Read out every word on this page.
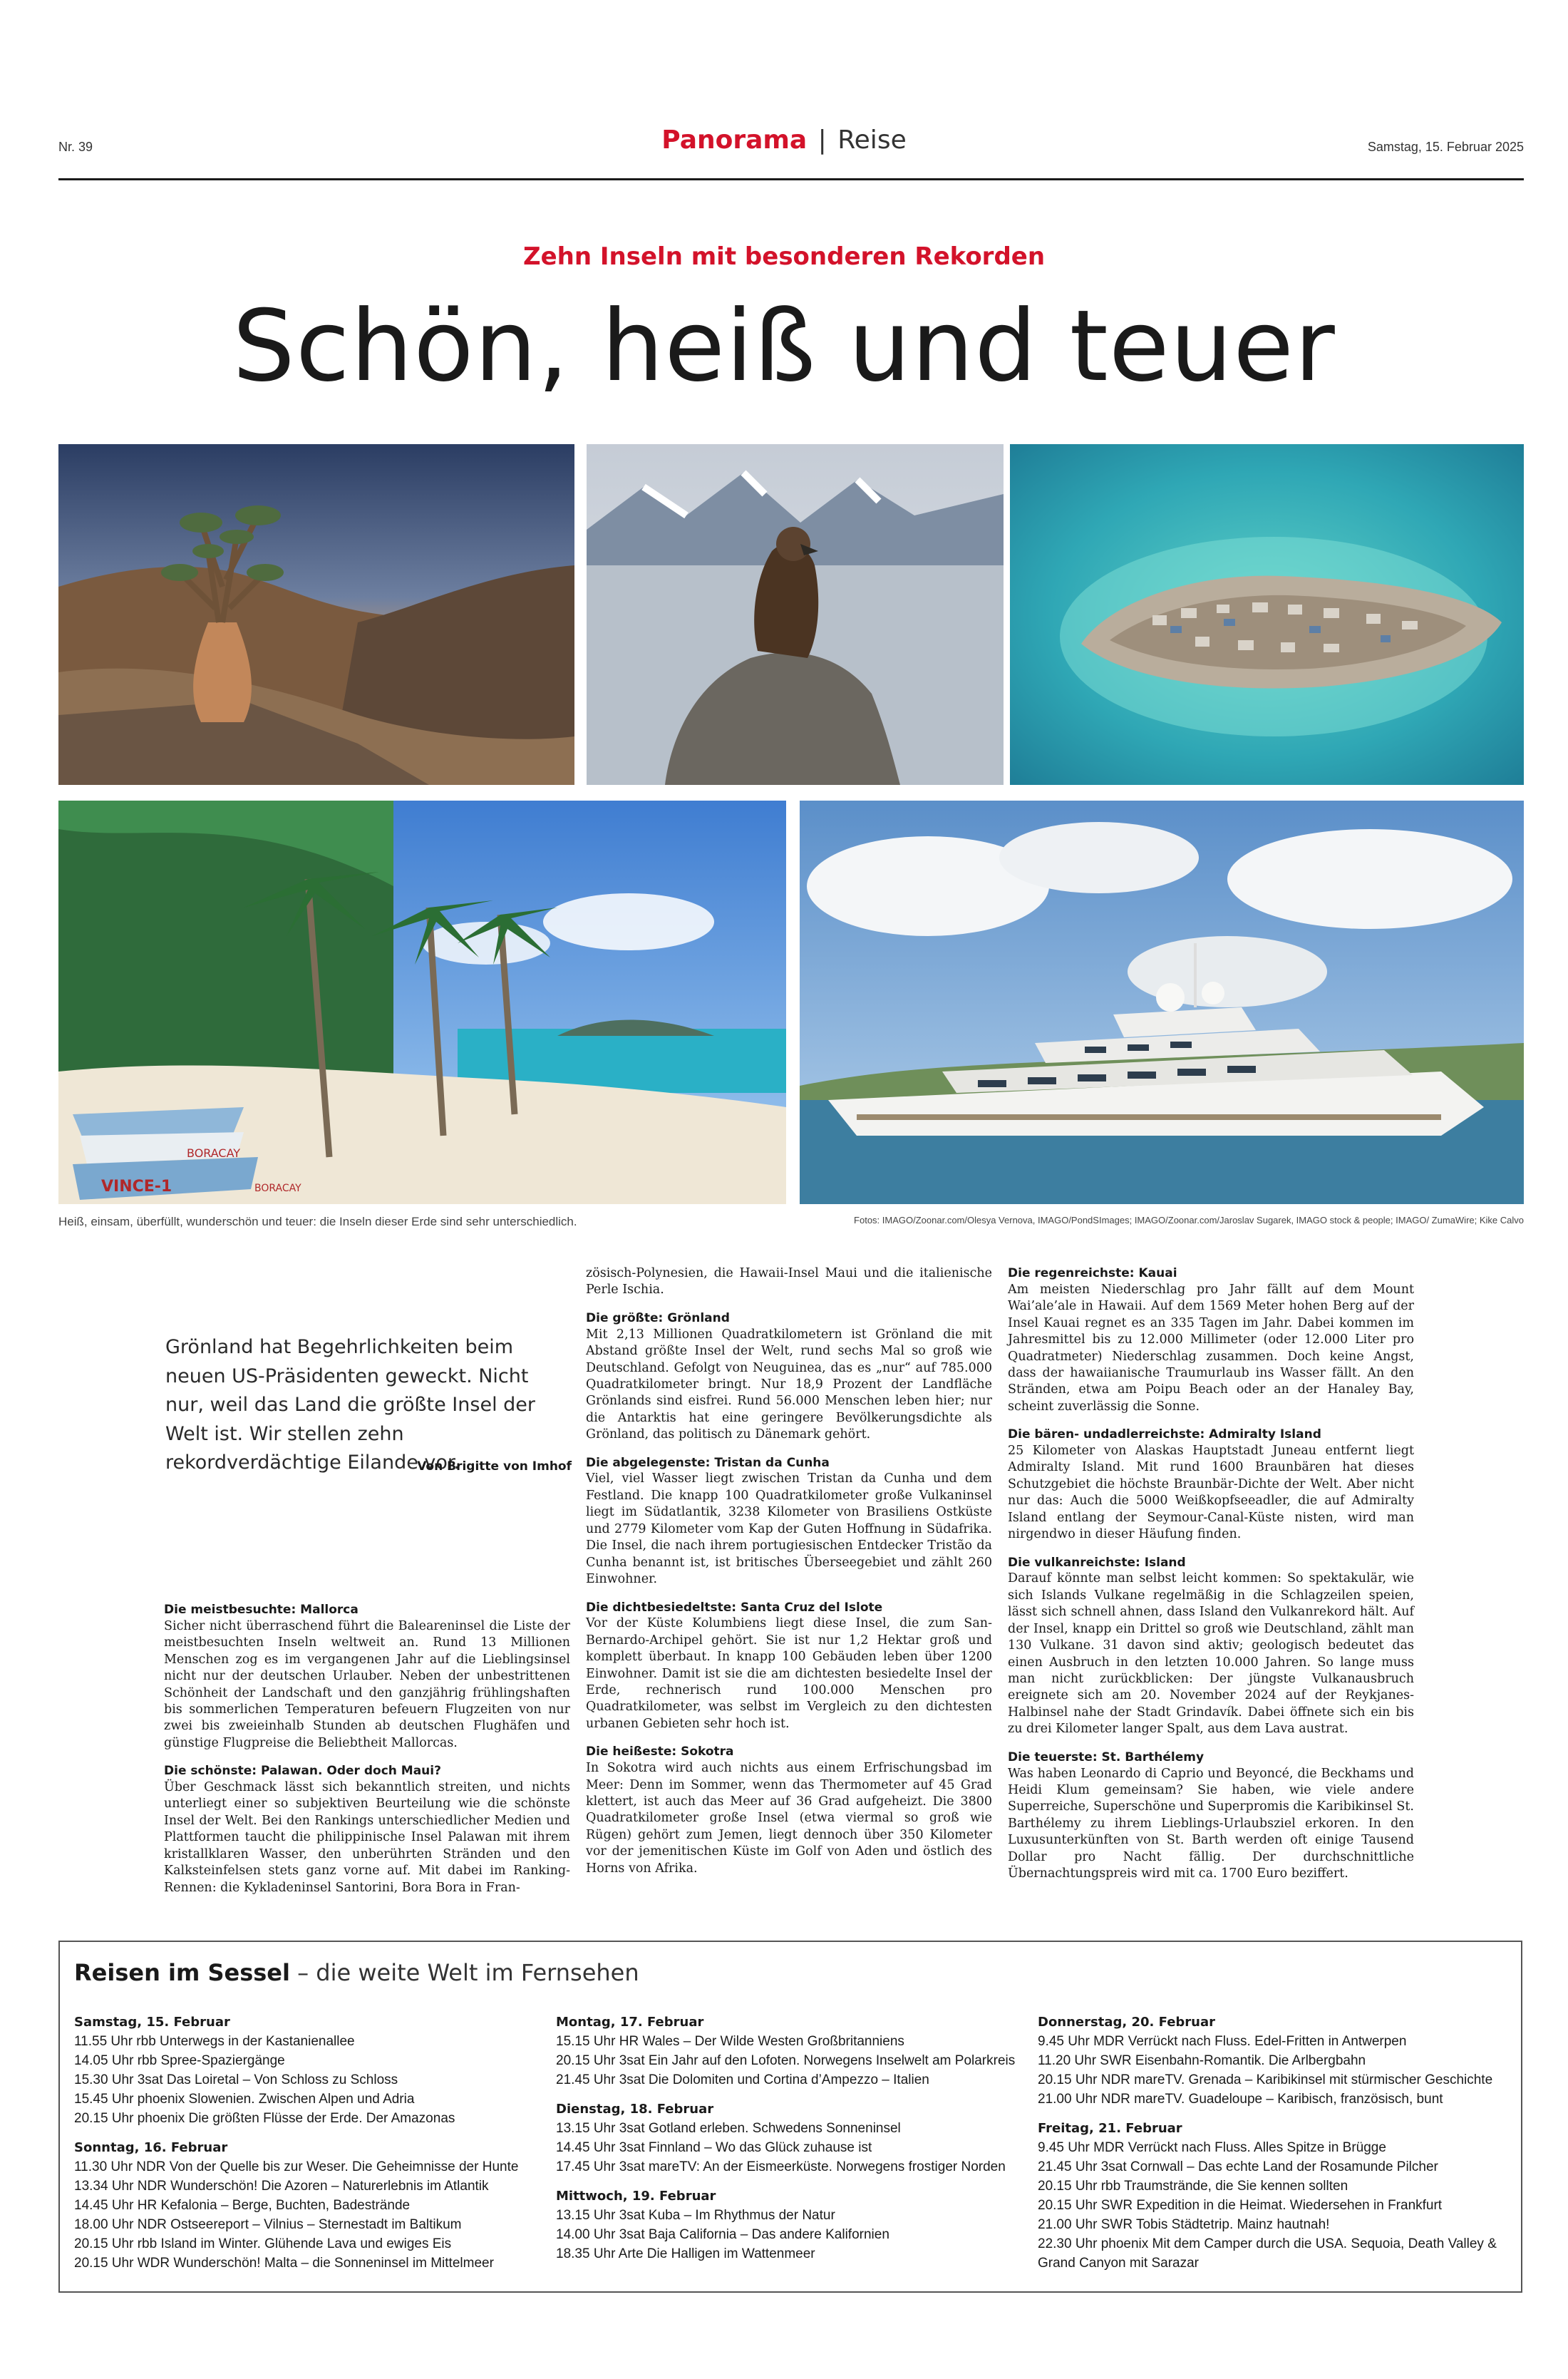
Nr. 39	Panorama | Reise	Samstag, 15. Februar 2025
Zehn Inseln mit besonderen Rekorden
Schön, heiß und teuer
VINCE-1
BORACAY
BORACAY
Heiß, einsam, überfüllt, wunderschön und teuer: die Inseln dieser Erde sind sehr unterschiedlich.	Fotos: IMAGO/Zoonar.com/Olesya Vernova, IMAGO/PondSImages; IMAGO/Zoonar.com/Jaroslav Sugarek, IMAGO stock & people; IMAGO/ ZumaWire; Kike Calvo
Grönland hat Begehrlichkeiten beim neuen US-Präsidenten geweckt. Nicht nur, weil das Land die größte Insel der Welt ist. Wir stellen zehn rekordverdächtige Eilande vor.
Von Brigitte von Imhof
Die meistbesuchte: Mallorca

Sicher nicht überraschend führt die Baleareninsel die Liste der meistbesuchten Inseln weltweit an. Rund 13 Millionen Menschen zog es im vergangenen Jahr auf die Lieblingsinsel nicht nur der deutschen Urlauber. Neben der unbestrittenen Schönheit der Landschaft und den ganzjährig frühlingshaften bis sommerlichen Temperaturen befeuern Flugzeiten von nur zwei bis zweieinhalb Stunden ab deutschen Flughäfen und günstige Flugpreise die Beliebtheit Mallorcas.

Die schönste: Palawan. Oder doch Maui?

Über Geschmack lässt sich bekanntlich streiten, und nichts unterliegt einer so subjektiven Beurteilung wie die schönste Insel der Welt. Bei den Rankings unterschiedlicher Medien und Plattformen taucht die philippinische Insel Palawan mit ihrem kristallklaren Wasser, den unberührten Stränden und den Kalksteinfelsen stets ganz vorne auf. Mit dabei im Ranking-Rennen: die Kykladeninsel Santorini, Bora Bora in Fran-

zösisch-Polynesien, die Hawaii-Insel Maui und die italienische Perle Ischia.

Die größte: Grönland

Mit 2,13 Millionen Quadratkilometern ist Grönland die mit Abstand größte Insel der Welt, rund sechs Mal so groß wie Deutschland. Gefolgt von Neuguinea, das es „nur“ auf 785.000 Quadratkilometer bringt. Nur 18,9 Prozent der Landfläche Grönlands sind eisfrei. Rund 56.000 Menschen leben hier; nur die Antarktis hat eine geringere Bevölkerungsdichte als Grönland, das politisch zu Dänemark gehört.

Die abgelegenste: Tristan da Cunha

Viel, viel Wasser liegt zwischen Tristan da Cunha und dem Festland. Die knapp 100 Quadratkilometer große Vulkaninsel liegt im Südatlantik, 3238 Kilometer von Brasiliens Ostküste und 2779 Kilometer vom Kap der Guten Hoffnung in Südafrika. Die Insel, die nach ihrem portugiesischen Entdecker Tristão da Cunha benannt ist, ist britisches Überseegebiet und zählt 260 Einwohner.

Die dichtbesiedeltste: Santa Cruz del Islote

Vor der Küste Kolumbiens liegt diese Insel, die zum San-Bernardo-Archipel gehört. Sie ist nur 1,2 Hektar groß und komplett überbaut. In knapp 100 Gebäuden leben über 1200 Einwohner. Damit ist sie die am dichtesten besiedelte Insel der Erde, rechnerisch rund 100.000 Menschen pro Quadratkilometer, was selbst im Vergleich zu den dichtesten urbanen Gebieten sehr hoch ist.

Die heißeste: Sokotra

In Sokotra wird auch nichts aus einem Erfrischungsbad im Meer: Denn im Sommer, wenn das Thermometer auf 45 Grad klettert, ist auch das Meer auf 36 Grad aufgeheizt. Die 3800 Quadratkilometer große Insel (etwa viermal so groß wie Rügen) gehört zum Jemen, liegt dennoch über 350 Kilometer vor der jemenitischen Küste im Golf von Aden und östlich des Horns von Afrika.

Die regenreichste: Kauai

Am meisten Niederschlag pro Jahr fällt auf dem Mount Wai’ale’ale in Hawaii. Auf dem 1569 Meter hohen Berg auf der Insel Kauai regnet es an 335 Tagen im Jahr. Dabei kommen im Jahresmittel bis zu 12.000 Millimeter (oder 12.000 Liter pro Quadratmeter) Niederschlag zusammen. Doch keine Angst, dass der hawaiianische Traumurlaub ins Wasser fällt. An den Stränden, etwa am Poipu Beach oder an der Hanaley Bay, scheint zuverlässig die Sonne.

Die bären- undadlerreichste: Admiralty Island

25 Kilometer von Alaskas Hauptstadt Juneau entfernt liegt Admiralty Island. Mit rund 1600 Braunbären hat dieses Schutzgebiet die höchste Braunbär-Dichte der Welt. Aber nicht nur das: Auch die 5000 Weißkopfseeadler, die auf Admiralty Island entlang der Seymour-Canal-Küste nisten, wird man nirgendwo in dieser Häufung finden.

Die vulkanreichste: Island

Darauf könnte man selbst leicht kommen: So spektakulär, wie sich Islands Vulkane regelmäßig in die Schlagzeilen speien, lässt sich schnell ahnen, dass Island den Vulkanrekord hält. Auf der Insel, knapp ein Drittel so groß wie Deutschland, zählt man 130 Vulkane. 31 davon sind aktiv; geologisch bedeutet das einen Ausbruch in den letzten 10.000 Jahren. So lange muss man nicht zurückblicken: Der jüngste Vulkanausbruch ereignete sich am 20. November 2024 auf der Reykjanes-Halbinsel nahe der Stadt Grindavík. Dabei öffnete sich ein bis zu drei Kilometer langer Spalt, aus dem Lava austrat.

Die teuerste: St. Barthélemy

Was haben Leonardo di Caprio und Beyoncé, die Beckhams und Heidi Klum gemeinsam? Sie haben, wie viele andere Superreiche, Superschöne und Superpromis die Karibikinsel St. Barthélemy zu ihrem Lieblings-Urlaubsziel erkoren. In den Luxusunterkünften von St. Barth werden oft einige Tausend Dollar pro Nacht fällig. Der durchschnittliche Übernachtungspreis wird mit ca. 1700 Euro beziffert.

Reisen im Sessel – die weite Welt im Fernsehen
Samstag, 15. Februar
11.55 Uhr rbb Unterwegs in der Kastanienallee
14.05 Uhr rbb Spree-Spaziergänge
15.30 Uhr 3sat Das Loiretal – Von Schloss zu Schloss
15.45 Uhr phoenix Slowenien. Zwischen Alpen und Adria
20.15 Uhr phoenix Die größten Flüsse der Erde. Der Amazonas
Sonntag, 16. Februar
11.30 Uhr NDR Von der Quelle bis zur Weser. Die Geheimnisse der Hunte
13.34 Uhr NDR Wunderschön! Die Azoren – Naturerlebnis im Atlantik
14.45 Uhr HR Kefalonia – Berge, Buchten, Badestrände
18.00 Uhr NDR Ostseereport – Vilnius – Sternestadt im Baltikum
20.15 Uhr rbb Island im Winter. Glühende Lava und ewiges Eis
20.15 Uhr WDR Wunderschön! Malta – die Sonneninsel im Mittelmeer
Montag, 17. Februar
15.15 Uhr HR Wales – Der Wilde Westen Großbritanniens
20.15 Uhr 3sat Ein Jahr auf den Lofoten. Norwegens Inselwelt am Polarkreis
21.45 Uhr 3sat Die Dolomiten und Cortina d’Ampezzo – Italien
Dienstag, 18. Februar
13.15 Uhr 3sat Gotland erleben. Schwedens Sonneninsel
14.45 Uhr 3sat Finnland – Wo das Glück zuhause ist
17.45 Uhr 3sat mareTV: An der Eismeerküste. Norwegens frostiger Norden
Mittwoch, 19. Februar
13.15 Uhr 3sat Kuba – Im Rhythmus der Natur
14.00 Uhr 3sat Baja California – Das andere Kalifornien
18.35 Uhr Arte Die Halligen im Wattenmeer
Donnerstag, 20. Februar
9.45 Uhr MDR Verrückt nach Fluss. Edel-Fritten in Antwerpen
11.20 Uhr SWR Eisenbahn-Romantik. Die Arlbergbahn
20.15 Uhr NDR mareTV. Grenada – Karibikinsel mit stürmischer Geschichte
21.00 Uhr NDR mareTV. Guadeloupe – Karibisch, französisch, bunt
Freitag, 21. Februar
9.45 Uhr MDR Verrückt nach Fluss. Alles Spitze in Brügge
21.45 Uhr 3sat Cornwall – Das echte Land der Rosamunde Pilcher
20.15 Uhr rbb Traumstrände, die Sie kennen sollten
20.15 Uhr SWR Expedition in die Heimat. Wiedersehen in Frankfurt
21.00 Uhr SWR Tobis Städtetrip. Mainz hautnah!
22.30 Uhr phoenix Mit dem Camper durch die USA. Sequoia, Death Valley & Grand Canyon mit Sarazar
